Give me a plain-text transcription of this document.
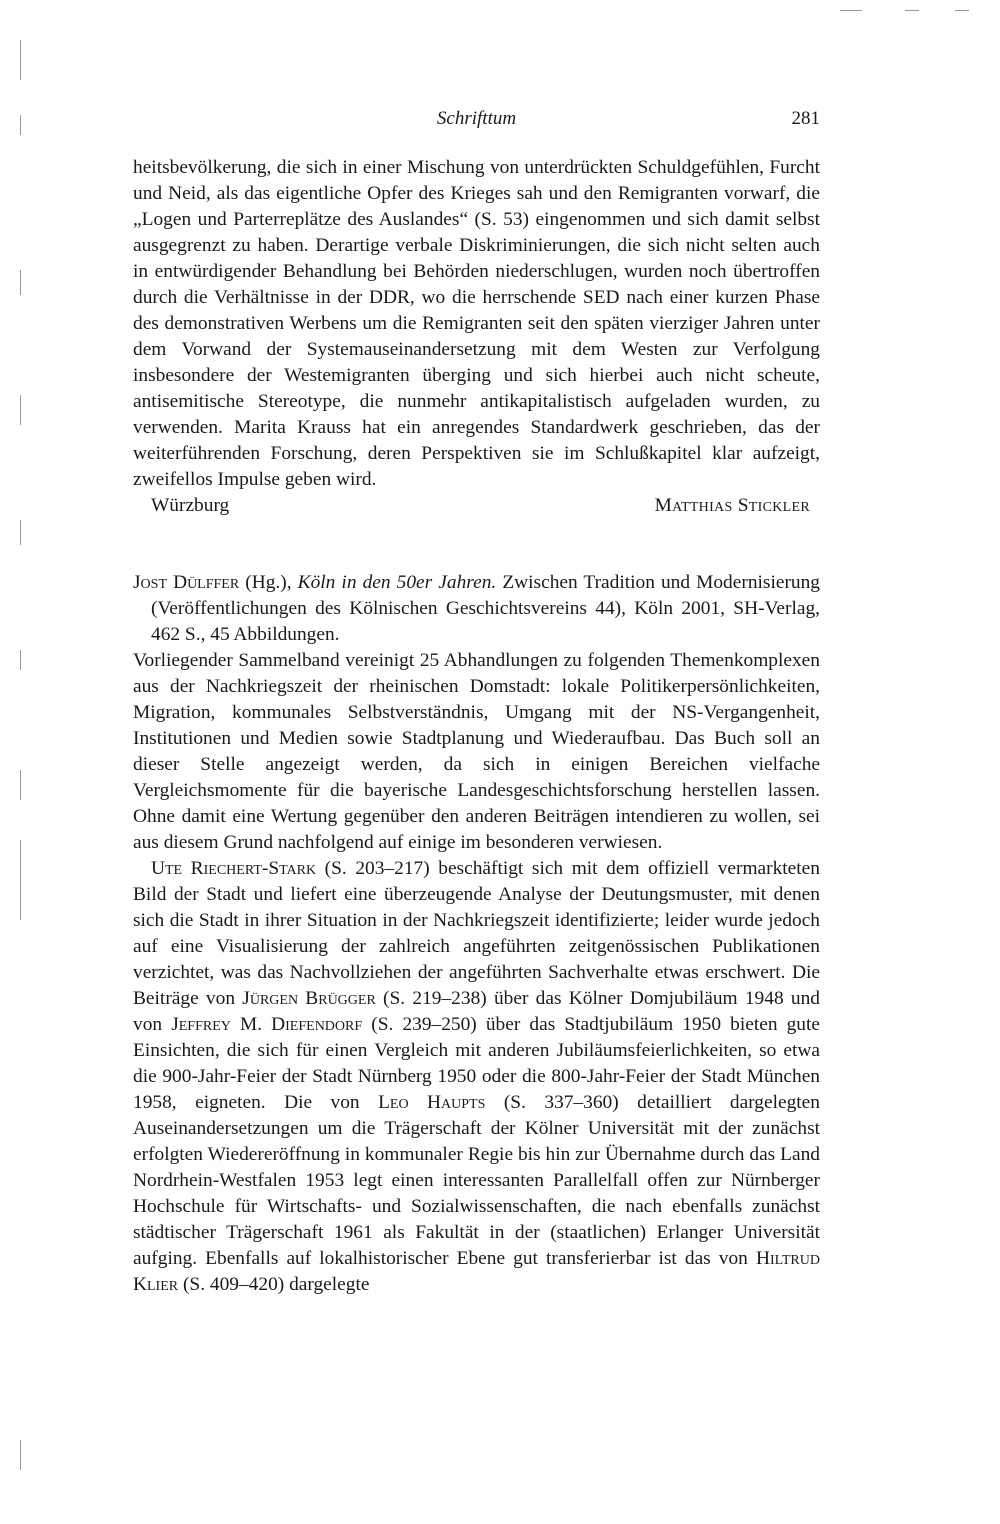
Schrifttum	281

heitsbevölkerung, die sich in einer Mischung von unterdrückten Schuldgefühlen, Furcht und Neid, als das eigentliche Opfer des Krieges sah und den Remigranten vorwarf, die „Logen und Parterreplätze des Auslandes“ (S. 53) eingenommen und sich damit selbst ausgegrenzt zu haben. Derartige verbale Diskriminierungen, die sich nicht selten auch in entwürdigender Behandlung bei Behörden niederschlugen, wurden noch übertroffen durch die Verhältnisse in der DDR, wo die herrschende SED nach einer kurzen Phase des demonstrativen Werbens um die Remigranten seit den späten vierziger Jahren unter dem Vorwand der Systemauseinandersetzung mit dem Westen zur Verfolgung insbesondere der Westemigranten überging und sich hierbei auch nicht scheute, antisemitische Stereotype, die nunmehr antikapitalistisch aufgeladen wurden, zu verwenden. Marita Krauss hat ein anregendes Standardwerk geschrieben, das der weiterführenden Forschung, deren Perspektiven sie im Schlußkapitel klar aufzeigt, zweifellos Impulse geben wird.

Würzburg	Matthias Stickler

Jost Dülffer (Hg.), Köln in den 50er Jahren. Zwischen Tradition und Modernisierung (Veröffentlichungen des Kölnischen Geschichtsvereins 44), Köln 2001, SH-Verlag, 462 S., 45 Abbildungen.

Vorliegender Sammelband vereinigt 25 Abhandlungen zu folgenden Themenkomplexen aus der Nachkriegszeit der rheinischen Domstadt: lokale Politikerpersönlichkeiten, Migration, kommunales Selbstverständnis, Umgang mit der NS-Vergangenheit, Institutionen und Medien sowie Stadtplanung und Wiederaufbau. Das Buch soll an dieser Stelle angezeigt werden, da sich in einigen Bereichen vielfache Vergleichsmomente für die bayerische Landesgeschichtsforschung herstellen lassen. Ohne damit eine Wertung gegenüber den anderen Beiträgen intendieren zu wollen, sei aus diesem Grund nachfolgend auf einige im besonderen verwiesen.

Ute Riechert-Stark (S. 203–217) beschäftigt sich mit dem offiziell vermarkteten Bild der Stadt und liefert eine überzeugende Analyse der Deutungsmuster, mit denen sich die Stadt in ihrer Situation in der Nachkriegszeit identifizierte; leider wurde jedoch auf eine Visualisierung der zahlreich angeführten zeitgenössischen Publikationen verzichtet, was das Nachvollziehen der angeführten Sachverhalte etwas erschwert. Die Beiträge von Jürgen Brügger (S. 219–238) über das Kölner Domjubiläum 1948 und von Jeffrey M. Diefendorf (S. 239–250) über das Stadtjubiläum 1950 bieten gute Einsichten, die sich für einen Vergleich mit anderen Jubiläumsfeierlichkeiten, so etwa die 900-Jahr-Feier der Stadt Nürnberg 1950 oder die 800-Jahr-Feier der Stadt München 1958, eigneten. Die von Leo Haupts (S. 337–360) detailliert dargelegten Auseinandersetzungen um die Trägerschaft der Kölner Universität mit der zunächst erfolgten Wiedereröffnung in kommunaler Regie bis hin zur Übernahme durch das Land Nordrhein-Westfalen 1953 legt einen interessanten Parallelfall offen zur Nürnberger Hochschule für Wirtschafts- und Sozialwissenschaften, die nach ebenfalls zunächst städtischer Trägerschaft 1961 als Fakultät in der (staatlichen) Erlanger Universität aufging. Ebenfalls auf lokalhistorischer Ebene gut transferierbar ist das von Hiltrud Klier (S. 409–420) dargelegte
